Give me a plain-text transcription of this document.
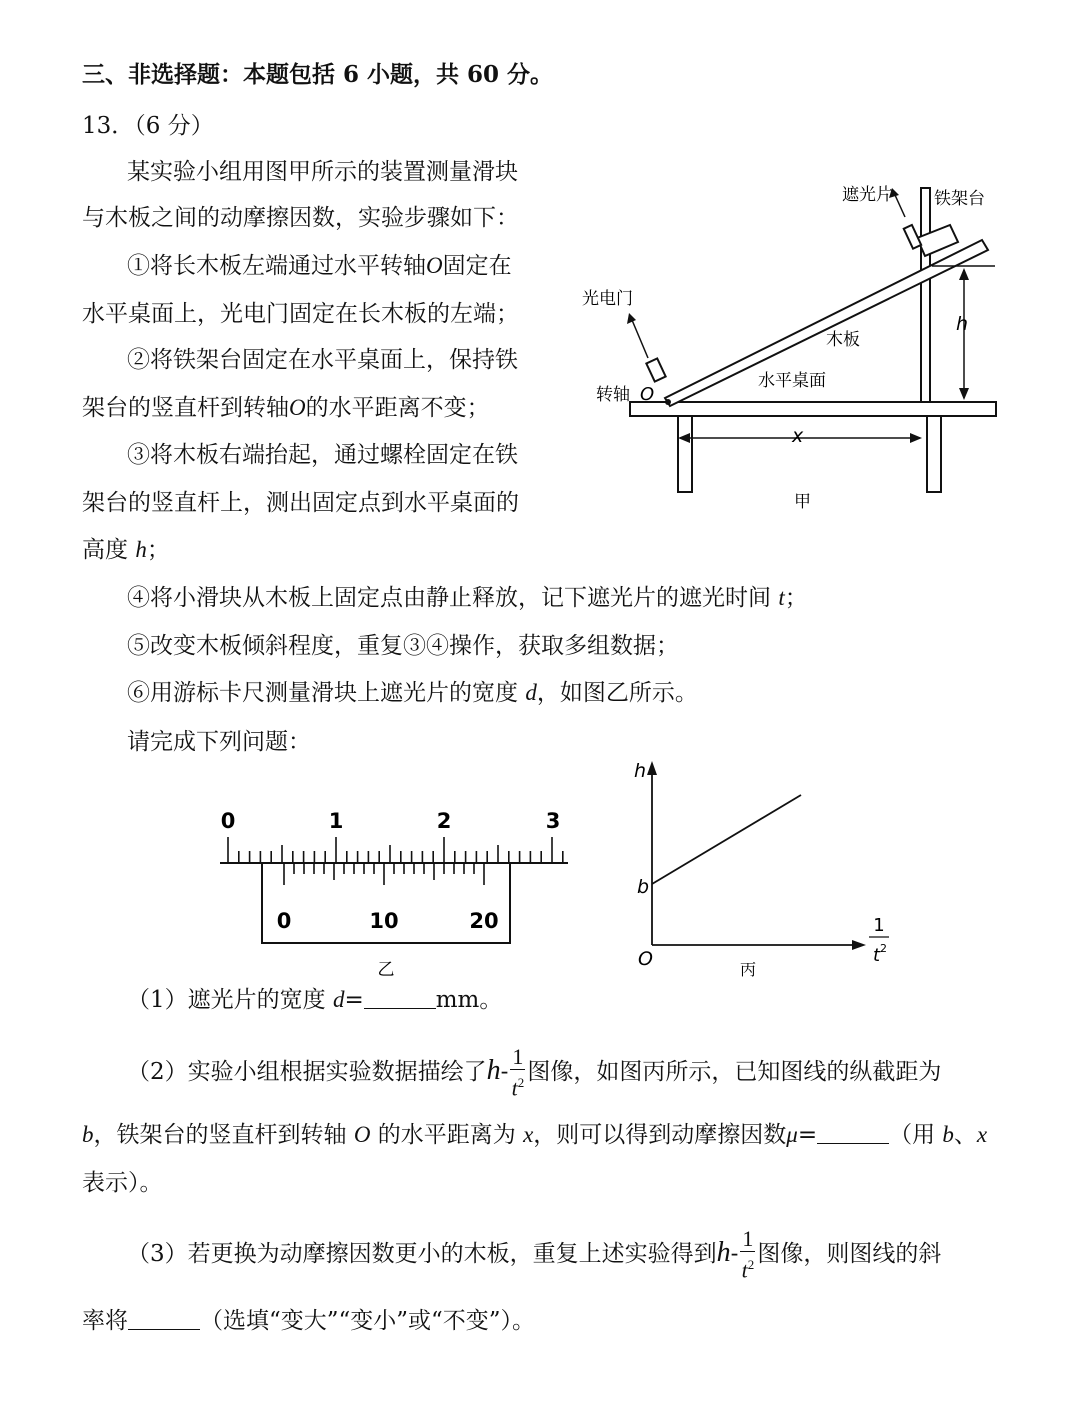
三、非选择题：本题包括 6 小题，共 60 分。
13．（6 分）
某实验小组用图甲所示的装置测量滑块
与木板之间的动摩擦因数，实验步骤如下：
①将长木板左端通过水平转轴O固定在
水平桌面上，光电门固定在长木板的左端；
②将铁架台固定在水平桌面上，保持铁
架台的竖直杆到转轴O的水平距离不变；
③将木板右端抬起，通过螺栓固定在铁
架台的竖直杆上，测出固定点到水平桌面的
高度 h；
④将小滑块从木板上固定点由静止释放，记下遮光片的遮光时间 t；
⑤改变木板倾斜程度，重复③④操作，获取多组数据；
⑥用游标卡尺测量滑块上遮光片的宽度 d，如图乙所示。
请完成下列问题：
遮光片 铁架台
光电门
木板
转轴 O
水平桌面
h
x
甲
0	1	2	3
0	10	20
乙
h
b
O
1
t 2
丙
（1）遮光片的宽度 d=	mm。
（2）实验小组根据实验数据描绘了$h- \frac{1}{t^2}$ 图像，如图丙所示，已知图线的纵截距为
b，铁架台的竖直杆到转轴 O 的水平距离为 x，则可以得到动摩擦因数μ=	（用 b、x
表示）。
（3）若更换为动摩擦因数更小的木板，重复上述实验得到$h- \frac{1}{t^2}$ 图像，则图线的斜
率将	（选填“变大”“变小”或“不变”）。
